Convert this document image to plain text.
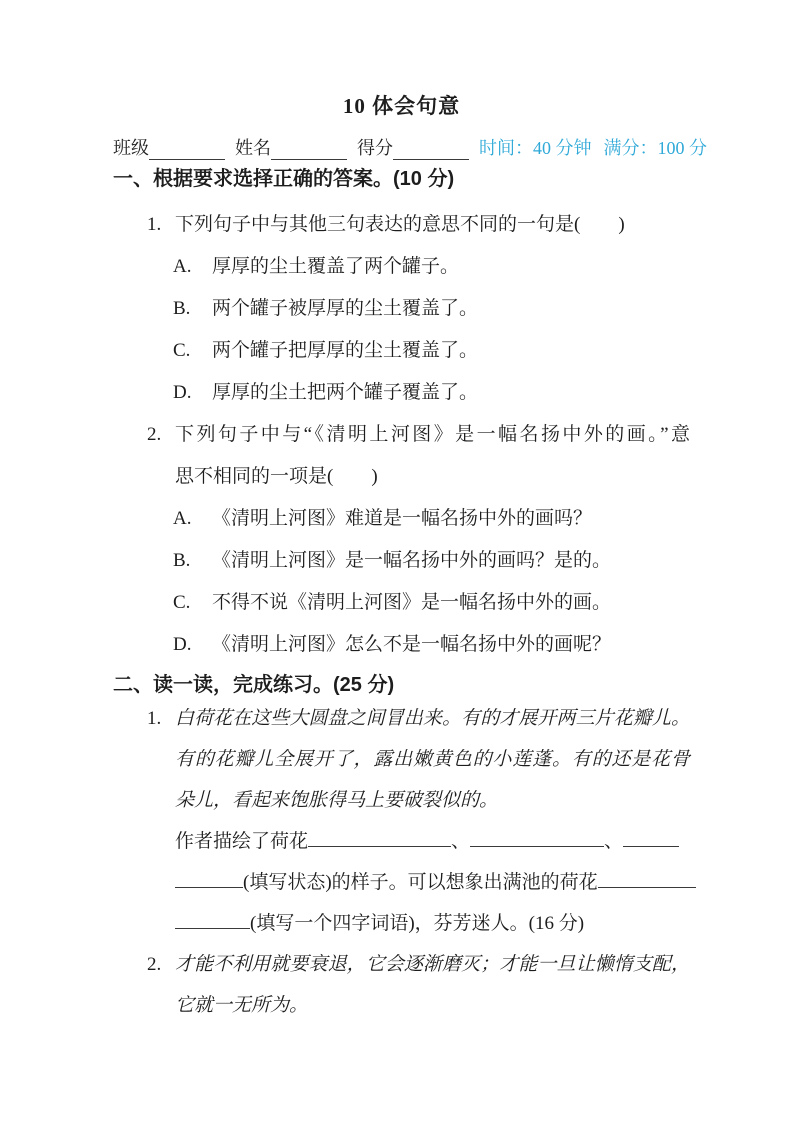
10 体会句意
班级	姓名	得分	时间：40 分钟 满分：100 分
一、根据要求选择正确的答案。(10 分)
1. 下列句子中与其他三句表达的意思不同的一句是(　　)
A.	厚厚的尘土覆盖了两个罐子。
B.	两个罐子被厚厚的尘土覆盖了。
C.	两个罐子把厚厚的尘土覆盖了。
D.	厚厚的尘土把两个罐子覆盖了。
2. 下列句子中与“《清明上河图》是一幅名扬中外的画。”意
思不相同的一项是(　　)
A.	《清明上河图》难道是一幅名扬中外的画吗？
B.	《清明上河图》是一幅名扬中外的画吗？是的。
C.	不得不说《清明上河图》是一幅名扬中外的画。
D.	《清明上河图》怎么不是一幅名扬中外的画呢？
二、读一读，完成练习。(25 分)
1. 白荷花在这些大圆盘之间冒出来。有的才展开两三片花瓣儿。
有的花瓣儿全展开了，露出嫩黄色的小莲蓬。有的还是花骨
朵儿，看起来饱胀得马上要破裂似的。
作者描绘了荷花	、	、
(填写状态)的样子。可以想象出满池的荷花
(填写一个四字词语)，芬芳迷人。(16 分)
2. 才能不利用就要衰退，它会逐渐磨灭；才能一旦让懒惰支配，
它就一无所为。
